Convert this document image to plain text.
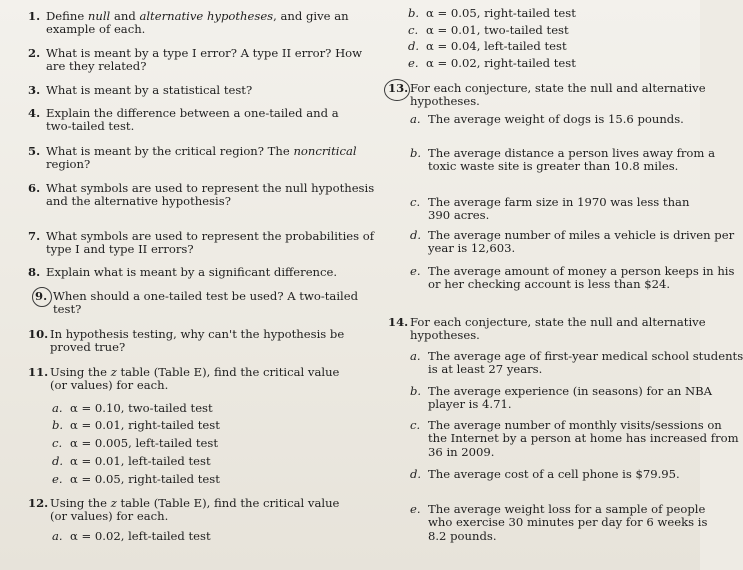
1. Define null and alternative hypotheses, and give an
example of each.
2. What is meant by a type I error? A type II error? How
are they related?
3. What is meant by a statistical test?
4. Explain the difference between a one-tailed and a
two-tailed test.
5. What is meant by the critical region? The noncritical
region?
6. What symbols are used to represent the null hypothesis
and the alternative hypothesis?
7. What symbols are used to represent the probabilities of
type I and type II errors?
8. Explain what is meant by a significant difference.
9. When should a one-tailed test be used? A two-tailed
test?
10. In hypothesis testing, why can't the hypothesis be
proved true?
11. Using the z table (Table E), find the critical value
(or values) for each.
a. α = 0.10, two-tailed test
b. α = 0.01, right-tailed test
c. α = 0.005, left-tailed test
d. α = 0.01, left-tailed test
e. α = 0.05, right-tailed test
12. Using the z table (Table E), find the critical value
(or values) for each.
a. α = 0.02, left-tailed test
b. α = 0.05, right-tailed test
c. α = 0.01, two-tailed test
d. α = 0.04, left-tailed test
e. α = 0.02, right-tailed test
13. For each conjecture, state the null and alternative
hypotheses.
a. The average weight of dogs is 15.6 pounds.
b. The average distance a person lives away from a
toxic waste site is greater than 10.8 miles.
c. The average farm size in 1970 was less than
390 acres.
d. The average number of miles a vehicle is driven per
year is 12,603.
e. The average amount of money a person keeps in his
or her checking account is less than $24.
14. For each conjecture, state the null and alternative
hypotheses.
a. The average age of first-year medical school students
is at least 27 years.
b. The average experience (in seasons) for an NBA
player is 4.71.
c. The average number of monthly visits/sessions on
the Internet by a person at home has increased from
36 in 2009.
d. The average cost of a cell phone is $79.95.
e. The average weight loss for a sample of people
who exercise 30 minutes per day for 6 weeks is
8.2 pounds.
